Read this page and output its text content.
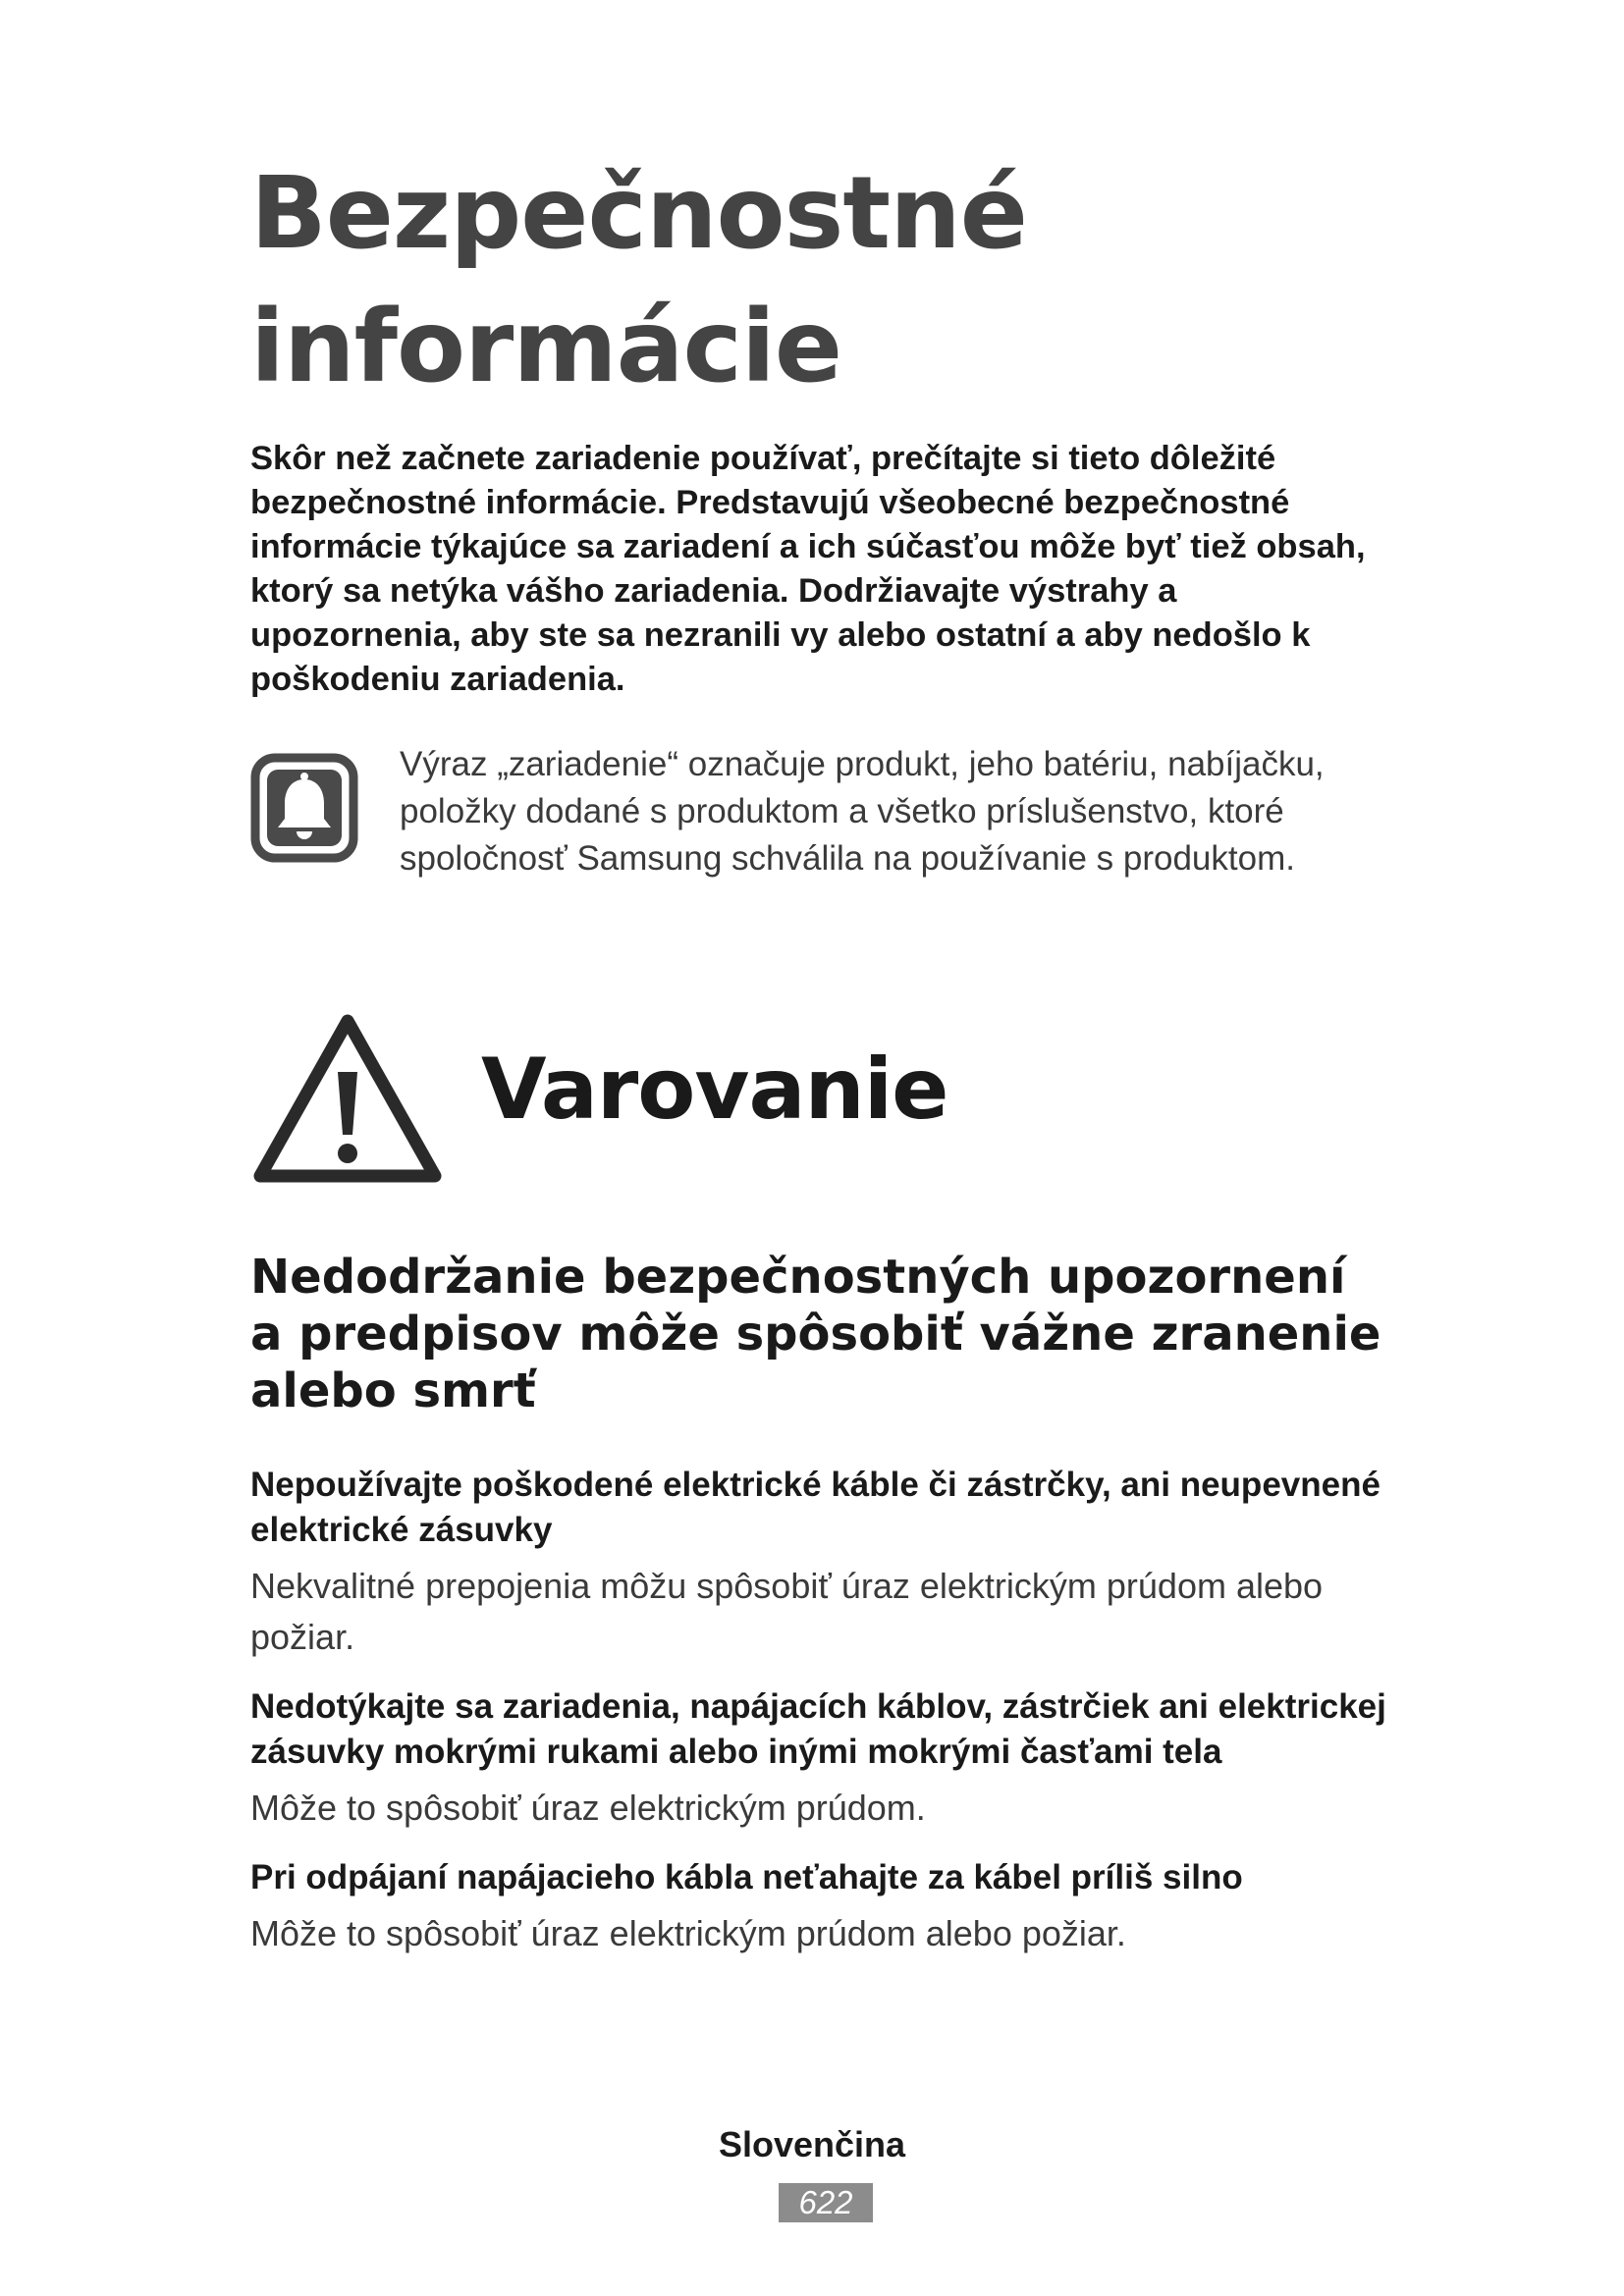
Bezpečnostné
informácie

Skôr než začnete zariadenie používať, prečítajte si tieto dôležité bezpečnostné informácie. Predstavujú všeobecné bezpečnostné informácie týkajúce sa zariadení a ich súčasťou môže byť tiež obsah, ktorý sa netýka vášho zariadenia. Dodržiavajte výstrahy a upozornenia, aby ste sa nezranili vy alebo ostatní a aby nedošlo k poškodeniu zariadenia.

Výraz „zariadenie“ označuje produkt, jeho batériu, nabíjačku, položky dodané s produktom a všetko príslušenstvo, ktoré spoločnosť Samsung schválila na používanie s produktom.

Varovanie
Nedodržanie bezpečnostných upozornení a predpisov môže spôsobiť vážne zranenie alebo smrť

Nepoužívajte poškodené elektrické káble či zástrčky, ani neupevnené elektrické zásuvky

Nekvalitné prepojenia môžu spôsobiť úraz elektrickým prúdom alebo požiar.

Nedotýkajte sa zariadenia, napájacích káblov, zástrčiek ani elektrickej zásuvky mokrými rukami alebo inými mokrými časťami tela

Môže to spôsobiť úraz elektrickým prúdom.

Pri odpájaní napájacieho kábla neťahajte za kábel príliš silno

Môže to spôsobiť úraz elektrickým prúdom alebo požiar.

Slovenčina

622
